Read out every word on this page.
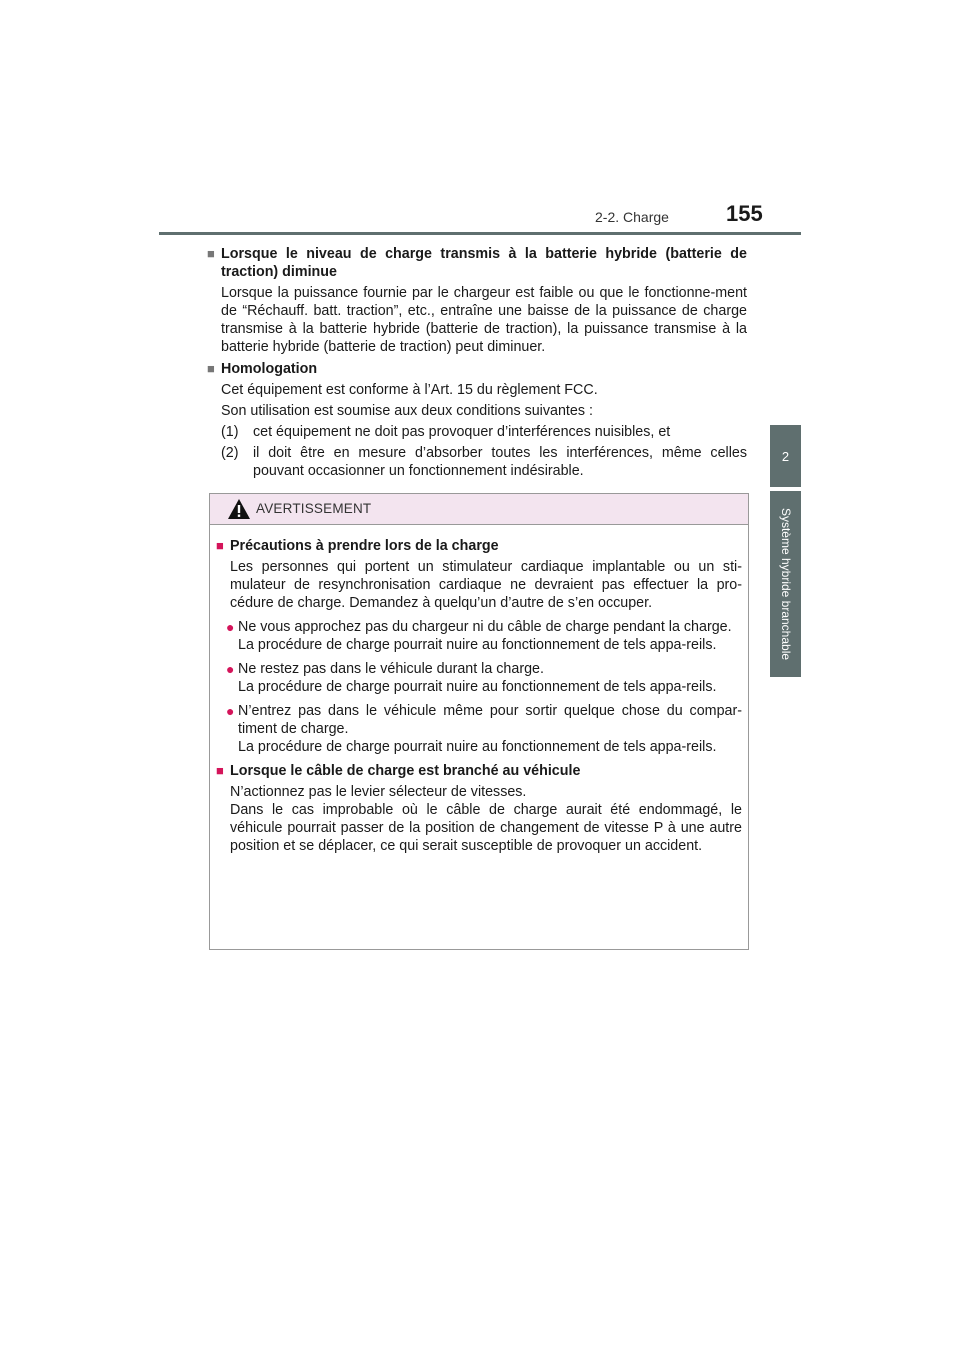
2-2. Charge	155
2
Système hybride branchable
■ Lorsque le niveau de charge transmis à la batterie hybride (batterie de traction) diminue

Lorsque la puissance fournie par le chargeur est faible ou que le fonctionne-ment de “Réchauff. batt. traction”, etc., entraîne une baisse de la puissance de charge transmise à la batterie hybride (batterie de traction), la puissance transmise à la batterie hybride (batterie de traction) peut diminuer.

■ Homologation

Cet équipement est conforme à l’Art. 15 du règlement FCC.

Son utilisation est soumise aux deux conditions suivantes :

(1)	cet équipement ne doit pas provoquer d’interférences nuisibles, et
(2)	il doit être en mesure d’absorber toutes les interférences, même celles pouvant occasionner un fonctionnement indésirable.
AVERTISSEMENT
■ Précautions à prendre lors de la charge

Les personnes qui portent un stimulateur cardiaque implantable ou un sti-mulateur de resynchronisation cardiaque ne devraient pas effectuer la pro-cédure de charge. Demandez à quelqu’un d’autre de s’en occuper.

● Ne vous approchez pas du chargeur ni du câble de charge pendant la charge.

La procédure de charge pourrait nuire au fonctionnement de tels appa-reils.

● Ne restez pas dans le véhicule durant la charge.

La procédure de charge pourrait nuire au fonctionnement de tels appa-reils.

● N’entrez pas dans le véhicule même pour sortir quelque chose du compar-timent de charge.

La procédure de charge pourrait nuire au fonctionnement de tels appa-reils.

■ Lorsque le câble de charge est branché au véhicule

N’actionnez pas le levier sélecteur de vitesses.

Dans le cas improbable où le câble de charge aurait été endommagé, le véhicule pourrait passer de la position de changement de vitesse P à une autre position et se déplacer, ce qui serait susceptible de provoquer un accident.
